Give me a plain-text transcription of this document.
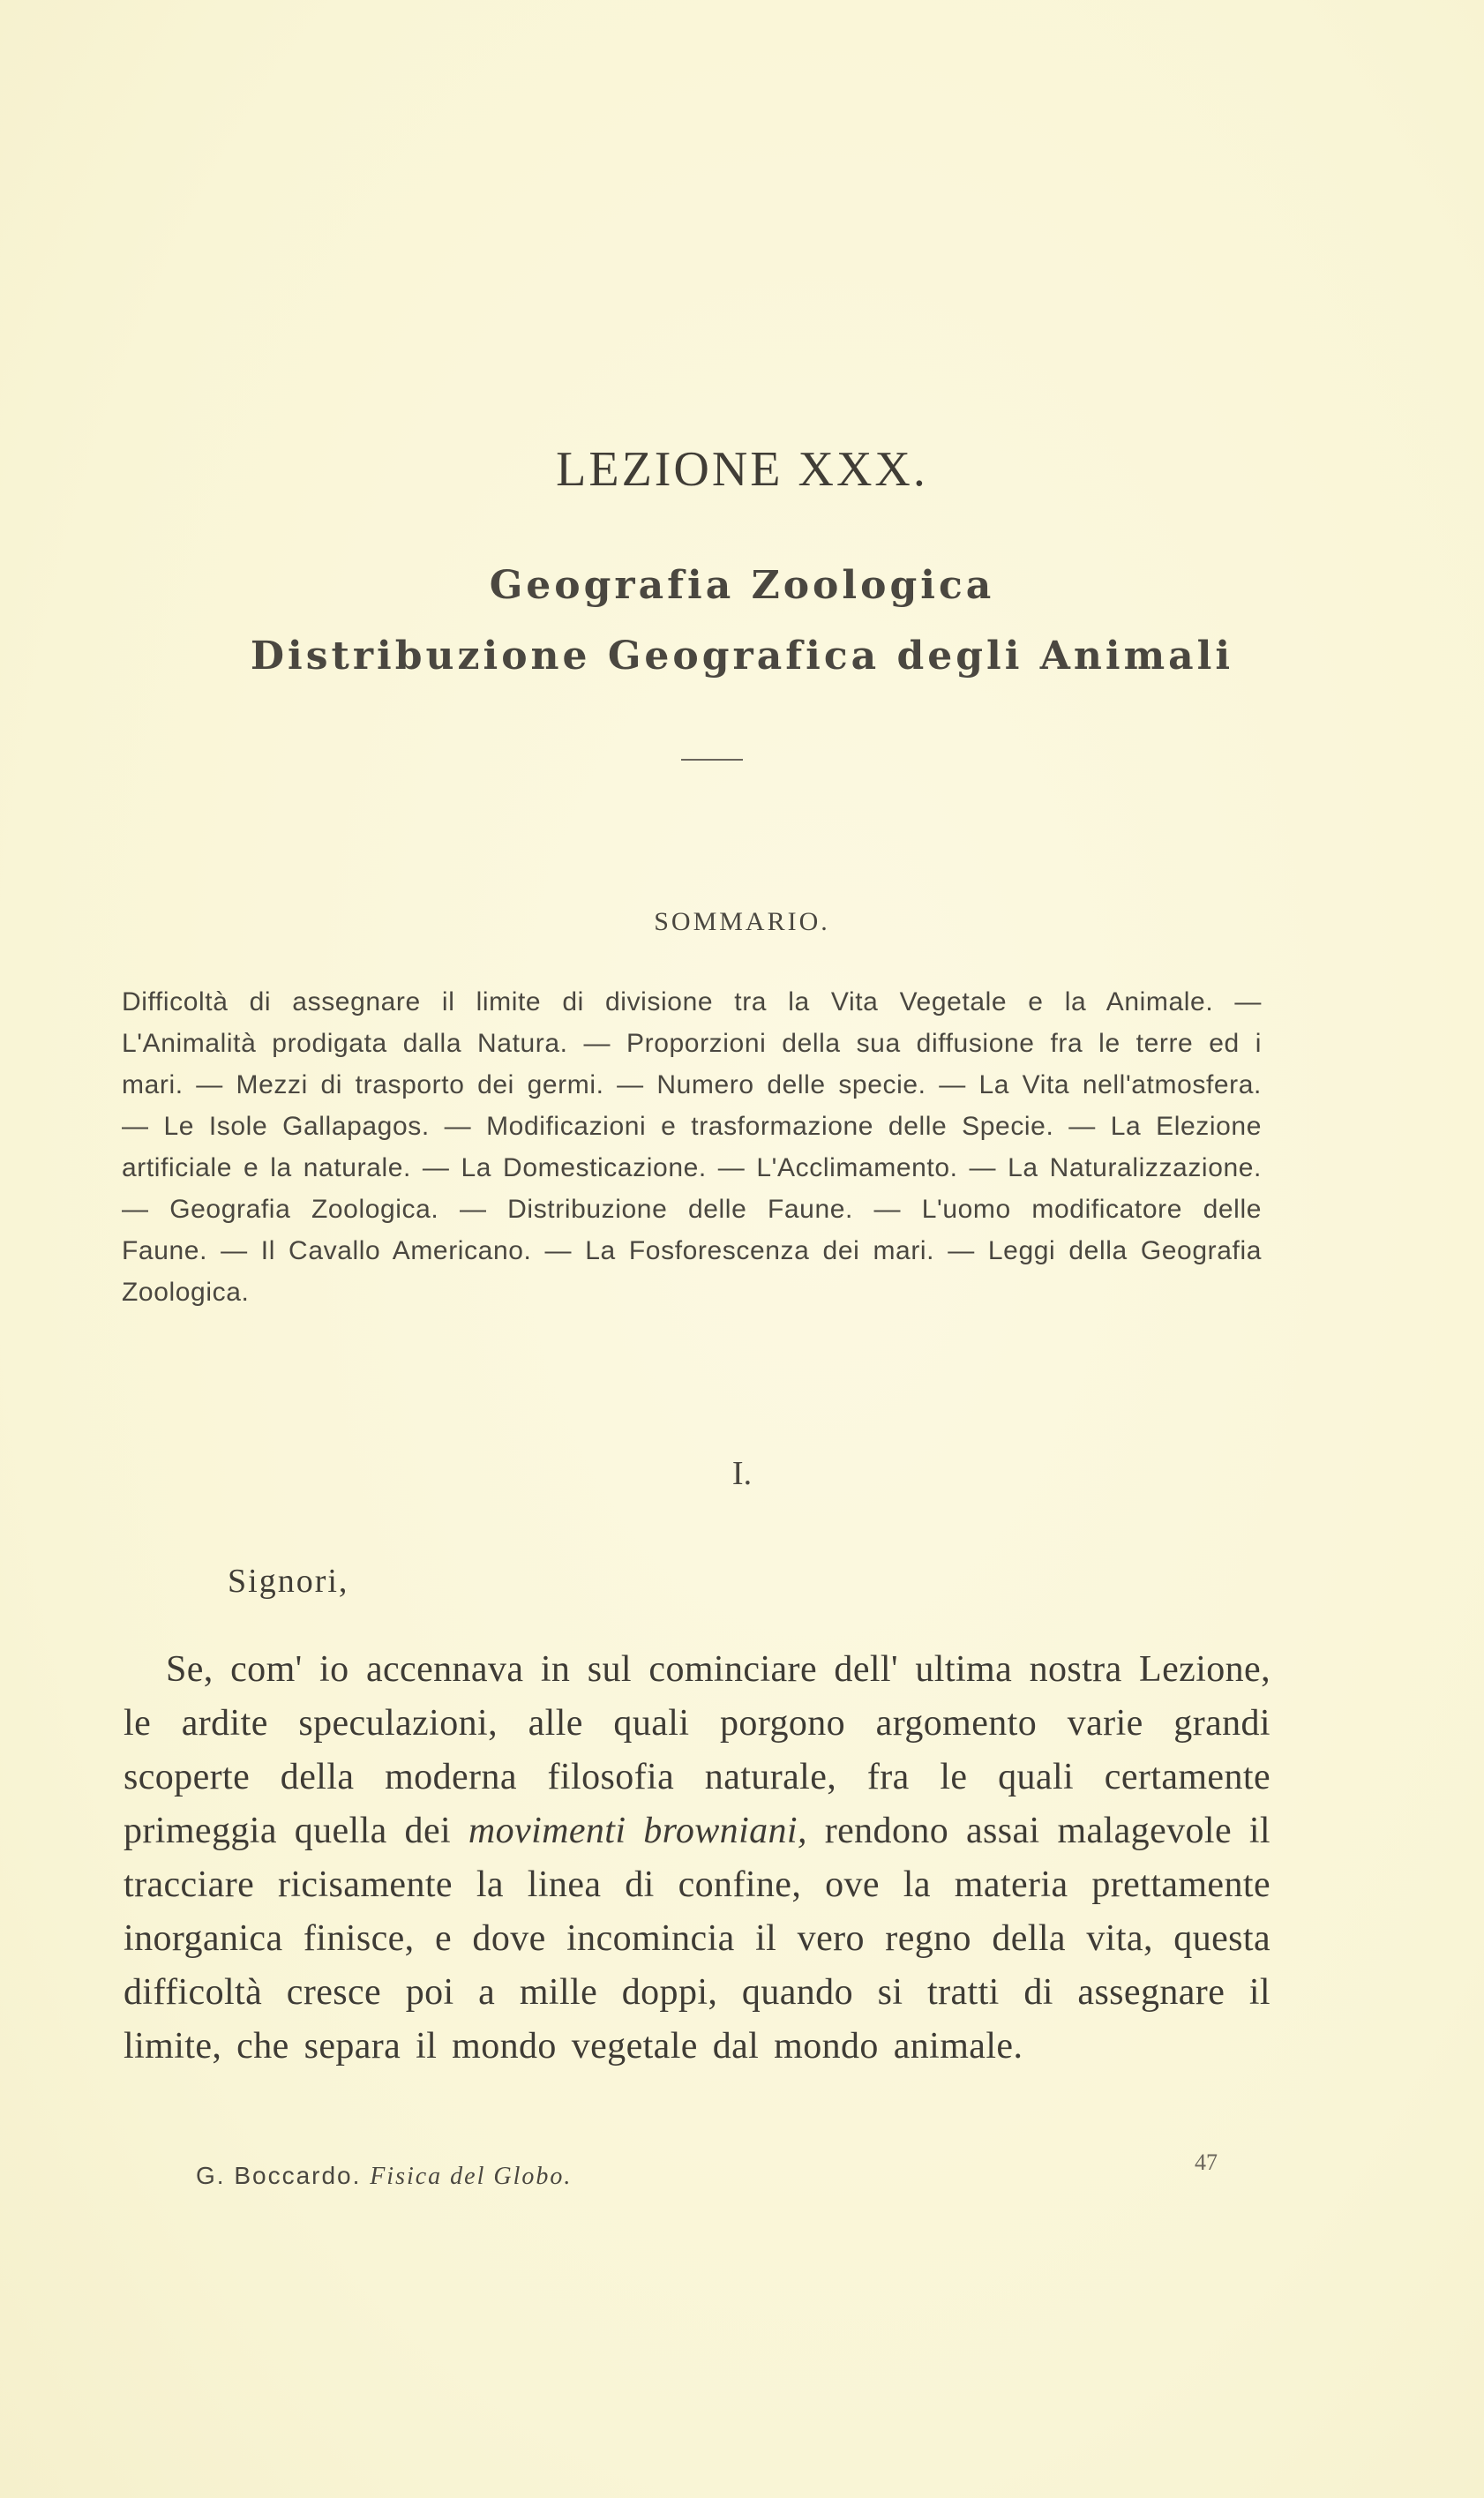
LEZIONE XXX.
Geografia Zoologica
Distribuzione Geografica degli Animali
SOMMARIO.
Difficoltà di assegnare il limite di divisione tra la Vita Vegetale e la Animale. — L'Animalità prodigata dalla Natura. — Proporzioni della sua diffusione fra le terre ed i mari. — Mezzi di trasporto dei germi. — Numero delle specie. — La Vita nell'atmosfera. — Le Isole Gallapagos. — Modificazioni e trasformazione delle Specie. — La Elezione artificiale e la naturale. — La Domesticazione. — L'Acclimamento. — La Naturalizzazione. — Geografia Zoologica. — Distribuzione delle Faune. — L'uomo modificatore delle Faune. — Il Cavallo Americano. — La Fosforescenza dei mari. — Leggi della Geografia Zoologica.
I.
Signori,
Se, com' io accennava in sul cominciare dell' ultima nostra Lezione, le ardite speculazioni, alle quali porgono argomento varie grandi scoperte della moderna filosofia naturale, fra le quali certamente primeggia quella dei movimenti browniani, rendono assai malagevole il tracciare ricisamente la linea di confine, ove la materia prettamente inorganica finisce, e dove incomincia il vero regno della vita, questa difficoltà cresce poi a mille doppi, quando si tratti di assegnare il limite, che separa il mondo vegetale dal mondo animale.
G. Boccardo. Fisica del Globo.
47
